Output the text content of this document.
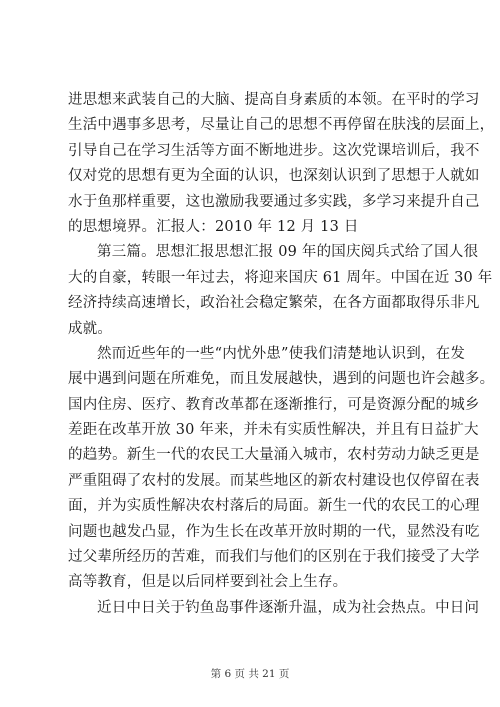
进思想来武装自己的大脑、提高自身素质的本领。在平时的学习
生活中遇事多思考，尽量让自己的思想不再停留在肤浅的层面上，
引导自己在学习生活等方面不断地进步。这次党课培训后，我不
仅对党的思想有更为全面的认识，也深刻认识到了思想于人就如
水于鱼那样重要，这也激励我要通过多实践，多学习来提升自己
的思想境界。汇报人：2010 年 12 月 13 日
第三篇。思想汇报思想汇报 09 年的国庆阅兵式给了国人很
大的自豪，转眼一年过去，将迎来国庆 61 周年。中国在近 30 年
经济持续高速增长，政治社会稳定繁荣，在各方面都取得乐非凡
成就。
然而近些年的一些“内忧外患”使我们清楚地认识到，在发
展中遇到问题在所难免，而且发展越快，遇到的问题也许会越多。
国内住房、医疗、教育改革都在逐渐推行，可是资源分配的城乡
差距在改革开放 30 年来，并未有实质性解决，并且有日益扩大
的趋势。新生一代的农民工大量涌入城市，农村劳动力缺乏更是
严重阻碍了农村的发展。而某些地区的新农村建设也仅停留在表
面，并为实质性解决农村落后的局面。新生一代的农民工的心理
问题也越发凸显，作为生长在改革开放时期的一代，显然没有吃
过父辈所经历的苦难，而我们与他们的区别在于我们接受了大学
高等教育，但是以后同样要到社会上生存。
近日中日关于钓鱼岛事件逐渐升温，成为社会热点。中日问
第 6 页 共 21 页
